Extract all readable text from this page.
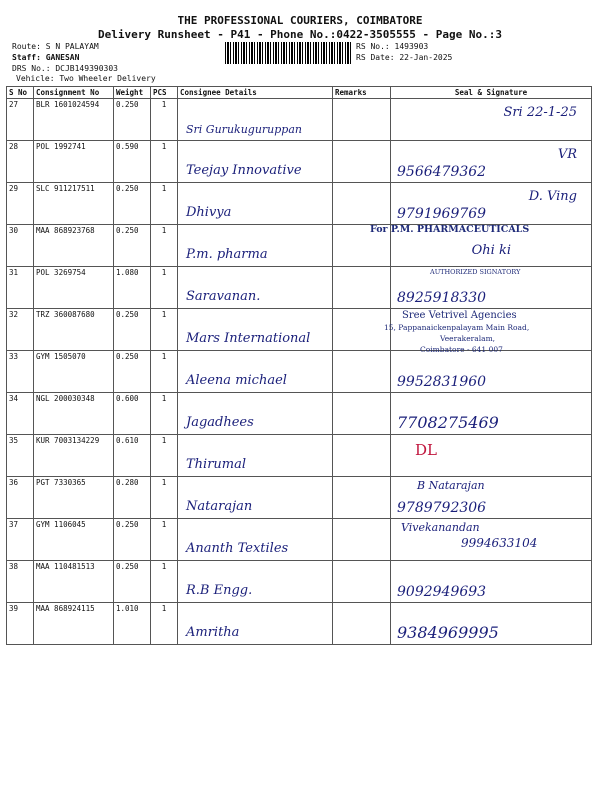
THE PROFESSIONAL COURIERS, COIMBATORE
Delivery Runsheet - P41 - Phone No.:0422-3505555 - Page No.:3
Route: S N PALAYAM
Staff: GANESAN
DRS No.: DCJB149390303
Vehicle: Two Wheeler Delivery
RS No.: 1493903
RS Date: 22-Jan-2025
S No	Consignment No	Weight	PCS	Consignee Details	Remarks	Seal & Signature
27	BLR 1601024594	0.250	1	Sri Gurukuguruppan		Sri 22-1-25

28	POL 1992741	0.590	1	Teejay Innovative		9566479362
VR

29	SLC 911217511	0.250	1	Dhivya		9791969769
D. Ving

30	MAA 868923768	0.250	1	P.m. pharma		Ohi ki

31	POL 3269754	1.080	1	Saravanan.		8925918330

32	TRZ 360087680	0.250	1	Mars International		

33	GYM 1505070	0.250	1	Aleena michael		9952831960

34	NGL 200030348	0.600	1	Jagadhees		7708275469

35	KUR 7003134229	0.610	1	Thirumal		DL

36	PGT 7330365	0.280	1	Natarajan		B Natarajan
9789792306

37	GYM 1106045	0.250	1	Ananth Textiles		Vivekanandan
9994633104

38	MAA 110481513	0.250	1	R.B Engg.		9092949693

39	MAA 868924115	1.010	1	Amritha		9384969995
For P.M. PHARMACEUTICALS
AUTHORIZED SIGNATORY
Sree Vetrivel Agencies
15, Pappanaickenpalayam Main Road,
Veerakeralam,
Coimbatore - 641 007
